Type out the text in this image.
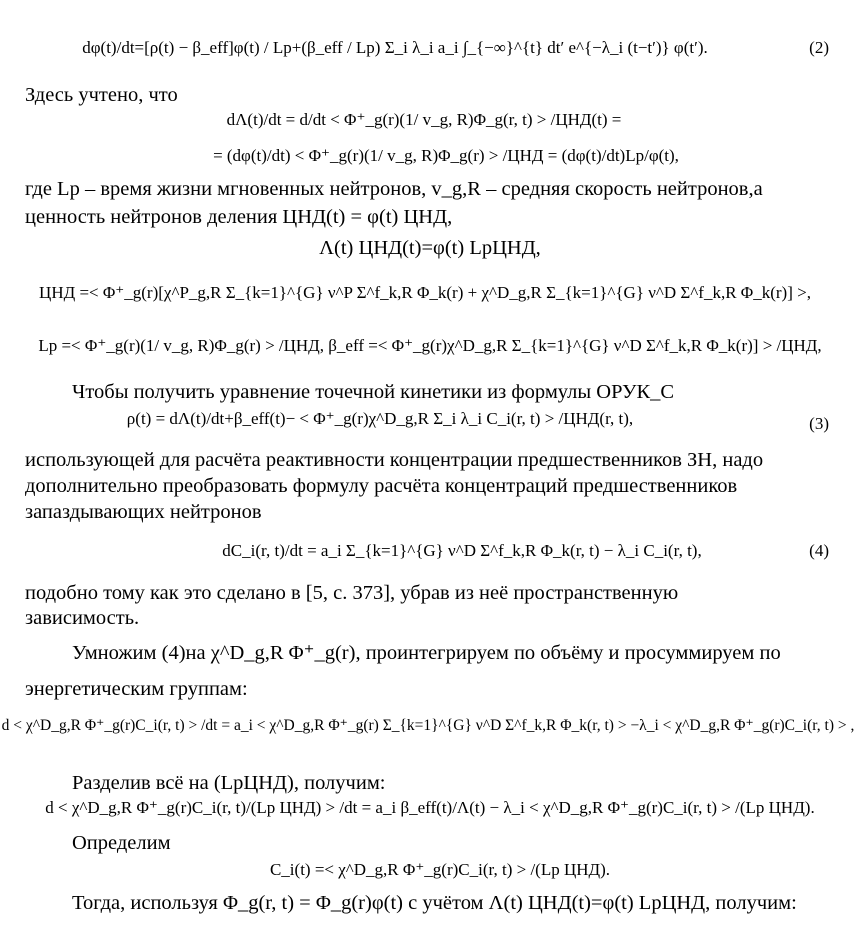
dφ(t)/dt=[ρ(t) − β_eff]φ(t) / Lp+(β_eff / Lp) Σ_i λ_i a_i ∫_{−∞}^{t} dt′ e^{−λ_i (t−t′)} φ(t′).	(2)
Здесь учтено, что
dΛ(t)/dt = d/dt < Φ⁺_g(r)(1/ v_g, R)Φ_g(r, t) > /ЦНД(t) =
= (dφ(t)/dt) < Φ⁺_g(r)(1/ v_g, R)Φ_g(r) > /ЦНД = (dφ(t)/dt)Lp/φ(t),
где Lp – время жизни мгновенных нейтронов, v_g,R – средняя скорость нейтронов,а
ценность нейтронов деления ЦНД(t) = φ(t) ЦНД,
Λ(t) ЦНД(t)=φ(t) LpЦНД,
ЦНД =< Φ⁺_g(r)[χ^P_g,R Σ_{k=1}^{G} ν^P Σ^f_k,R Φ_k(r) + χ^D_g,R Σ_{k=1}^{G} ν^D Σ^f_k,R Φ_k(r)] >,
Lp =< Φ⁺_g(r)(1/ v_g, R)Φ_g(r) > /ЦНД, β_eff =< Φ⁺_g(r)χ^D_g,R Σ_{k=1}^{G} ν^D Σ^f_k,R Φ_k(r)] > /ЦНД,
Чтобы получить уравнение точечной кинетики из формулы ОРУК_С
ρ(t) = dΛ(t)/dt+β_eff(t)− < Φ⁺_g(r)χ^D_g,R Σ_i λ_i C_i(r, t) > /ЦНД(r, t),	(3)
использующей для расчёта реактивности концентрации предшественников ЗН, надо
дополнительно преобразовать формулу расчёта концентраций предшественников
запаздывающих нейтронов
dC_i(r, t)/dt = a_i Σ_{k=1}^{G} ν^D Σ^f_k,R Φ_k(r, t) − λ_i C_i(r, t),	(4)
подобно тому как это сделано в [5, с. 373], убрав из неё пространственную
зависимость.
Умножим (4)на χ^D_g,R Φ⁺_g(r), проинтегрируем по объёму и просуммируем по
энергетическим группам:
d < χ^D_g,R Φ⁺_g(r)C_i(r, t) > /dt = a_i < χ^D_g,R Φ⁺_g(r) Σ_{k=1}^{G} ν^D Σ^f_k,R Φ_k(r, t) > −λ_i < χ^D_g,R Φ⁺_g(r)C_i(r, t) > ,
Разделив всё на (LpЦНД), получим:
d < χ^D_g,R Φ⁺_g(r)C_i(r, t)/(Lp ЦНД) > /dt = a_i β_eff(t)/Λ(t) − λ_i < χ^D_g,R Φ⁺_g(r)C_i(r, t) > /(Lp ЦНД).
Определим
C_i(t) =< χ^D_g,R Φ⁺_g(r)C_i(r, t) > /(Lp ЦНД).
Тогда, используя Φ_g(r, t) = Φ_g(r)φ(t) с учётом Λ(t) ЦНД(t)=φ(t) LpЦНД, получим:
